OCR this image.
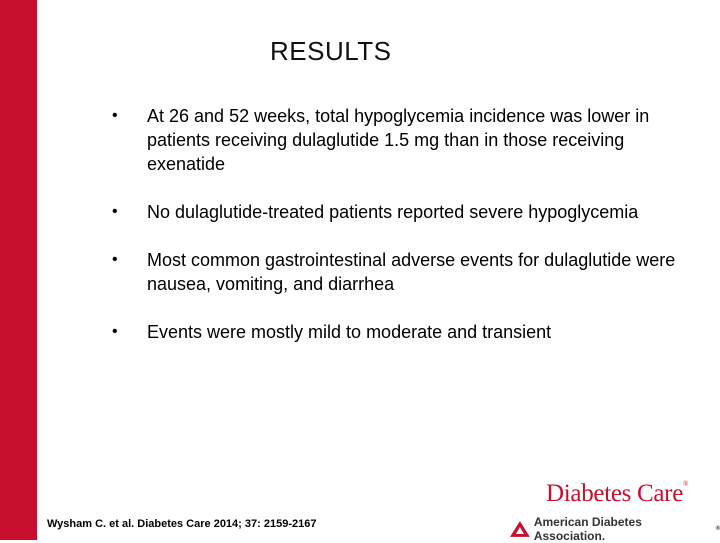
RESULTS
•	At 26 and 52 weeks, total hypoglycemia incidence was lower in patients receiving dulaglutide 1.5 mg than in those receiving exenatide
•	No dulaglutide-treated patients reported severe hypoglycemia
•	Most common gastrointestinal adverse events for dulaglutide were nausea, vomiting, and diarrhea
•	Events were mostly mild to moderate and transient
Wysham C. et al. Diabetes Care 2014; 37: 2159-2167
Diabetes Care®
American Diabetes Association.	®
